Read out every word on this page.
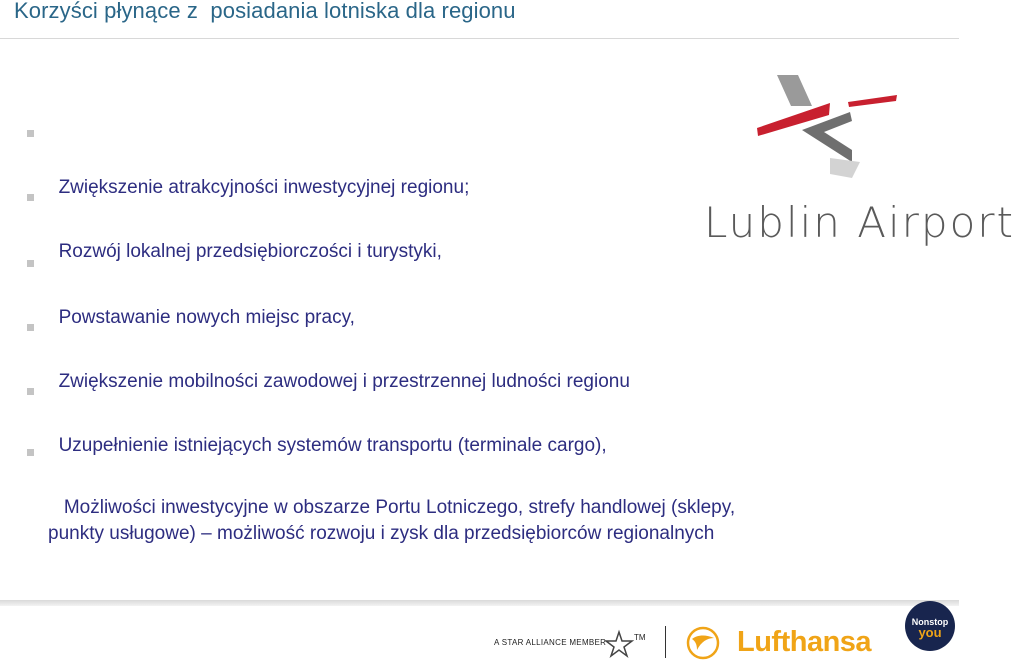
Korzyści płynące z  posiadania lotniska dla regionu

Zwiększenie atrakcyjności inwestycyjnej regionu;

Rozwój lokalnej przedsiębiorczości i turystyki,

Powstawanie nowych miejsc pracy,

Zwiększenie mobilności zawodowej i przestrzennej ludności regionu

Uzupełnienie istniejących systemów transportu (terminale cargo),

Możliwości inwestycyjne w obszarze Portu Lotniczego, strefy handlowej (sklepy,
punkty usługowe) – możliwość rozwoju i zysk dla przedsiębiorców regionalnych

Lublin Airport
A STAR ALLIANCE MEMBER
TM	Lufthansa
Nonstop
you
